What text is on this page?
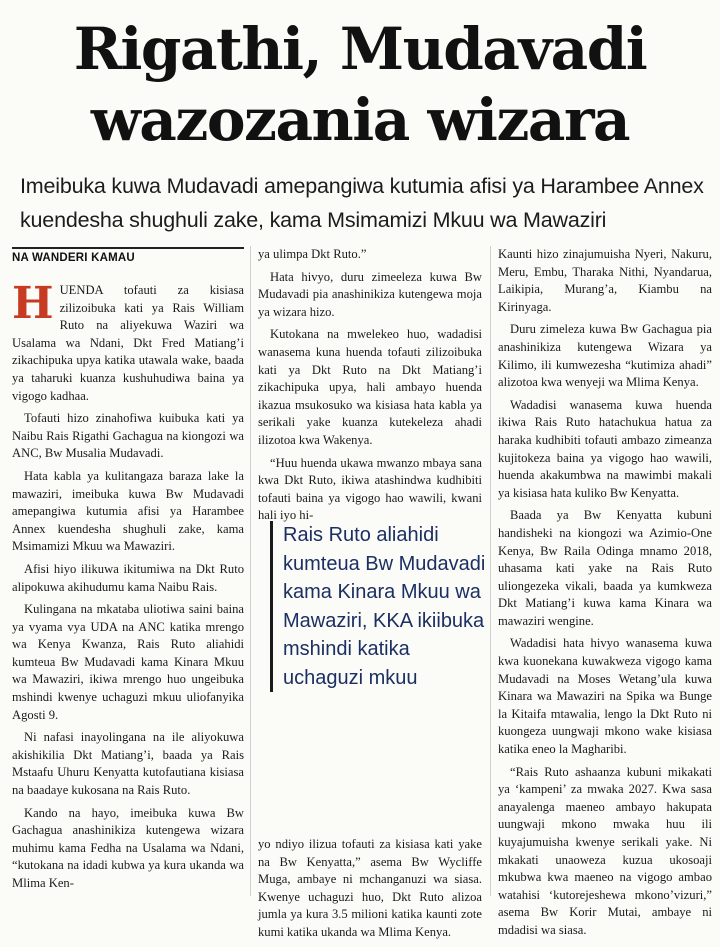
Rigathi, Mudavadi wazozania wizara

Imeibuka kuwa Mudavadi amepangiwa kutumia afisi ya Harambee Annex kuendesha shughuli zake, kama Msimamizi Mkuu wa Mawaziri

NA WANDERI KAMAU

HUENDA tofauti za kisiasa zilizoibuka kati ya Rais William Ruto na aliyekuwa Waziri wa Usalama wa Ndani, Dkt Fred Matiang’i zikachipuka upya katika utawala wake, baada ya taharuki kuanza kushuhudiwa baina ya vigogo kadhaa.

Tofauti hizo zinahofiwa kuibuka kati ya Naibu Rais Rigathi Gachagua na kiongozi wa ANC, Bw Musalia Mudavadi.

Hata kabla ya kulitangaza baraza lake la mawaziri, imeibuka kuwa Bw Mudavadi amepangiwa kutumia afisi ya Harambee Annex kuendesha shughuli zake, kama Msimamizi Mkuu wa Mawaziri.

Afisi hiyo ilikuwa ikitumiwa na Dkt Ruto alipokuwa akihudumu kama Naibu Rais.

Kulingana na mkataba uliotiwa saini baina ya vyama vya UDA na ANC katika mrengo wa Kenya Kwanza, Rais Ruto aliahidi kumteua Bw Mudavadi kama Kinara Mkuu wa Mawaziri, ikiwa mrengo huo ungeibuka mshindi kwenye uchaguzi mkuu uliofanyika Agosti 9.

Ni nafasi inayolingana na ile aliyokuwa akishikilia Dkt Matiang’i, baada ya Rais Mstaafu Uhuru Kenyatta kutofautiana kisiasa na baadaye kukosana na Rais Ruto.

Kando na hayo, imeibuka kuwa Bw Gachagua anashinikiza kutengewa wizara muhimu kama Fedha na Usalama wa Ndani, “kutokana na idadi kubwa ya kura ukanda wa Mlima Ken-

ya ulimpa Dkt Ruto.”

Hata hivyo, duru zimeeleza kuwa Bw Mudavadi pia anashinikiza kutengewa moja ya wizara hizo.

Kutokana na mwelekeo huo, wadadisi wanasema kuna huenda tofauti zilizoibuka kati ya Dkt Ruto na Dkt Matiang’i zikachipuka upya, hali ambayo huenda ikazua msukosuko wa kisiasa hata kabla ya serikali yake kuanza kutekeleza ahadi ilizotoa kwa Wakenya.

“Huu huenda ukawa mwanzo mbaya sana kwa Dkt Ruto, ikiwa atashindwa kudhibiti tofauti baina ya vigogo hao wawili, kwani hali iyo hi-

Rais Ruto aliahidi kumteua Bw Mudavadi kama Kinara Mkuu wa Mawaziri, KKA ikiibuka mshindi katika uchaguzi mkuu

yo ndiyo ilizua tofauti za kisiasa kati yake na Bw Kenyatta,” asema Bw Wycliffe Muga, ambaye ni mchanganuzi wa siasa. Kwenye uchaguzi huo, Dkt Ruto alizoa jumla ya kura 3.5 milioni katika kaunti zote kumi katika ukanda wa Mlima Kenya.

Kaunti hizo zinajumuisha Nyeri, Nakuru, Meru, Embu, Tharaka Nithi, Nyandarua, Laikipia, Murang’a, Kiambu na Kirinyaga.

Duru zimeleza kuwa Bw Gachagua pia anashinikiza kutengewa Wizara ya Kilimo, ili kumwezesha “kutimiza ahadi” alizotoa kwa wenyeji wa Mlima Kenya.

Wadadisi wanasema kuwa huenda ikiwa Rais Ruto hatachukua hatua za haraka kudhibiti tofauti ambazo zimeanza kujitokeza baina ya vigogo hao wawili, huenda akakumbwa na mawimbi makali ya kisiasa hata kuliko Bw Kenyatta.

Baada ya Bw Kenyatta kubuni handisheki na kiongozi wa Azimio-One Kenya, Bw Raila Odinga mnamo 2018, uhasama kati yake na Rais Ruto uliongezeka vikali, baada ya kumkweza Dkt Matiang’i kuwa kama Kinara wa mawaziri wengine.

Wadadisi hata hivyo wanasema kuwa kwa kuonekana kuwakweza vigogo kama Mudavadi na Moses Wetang’ula kuwa Kinara wa Mawaziri na Spika wa Bunge la Kitaifa mtawalia, lengo la Dkt Ruto ni kuongeza uungwaji mkono wake kisiasa katika eneo la Magharibi.

“Rais Ruto ashaanza kubuni mikakati ya ‘kampeni’ za mwaka 2027. Kwa sasa anayalenga maeneo ambayo hakupata uungwaji mkono mwaka huu ili kuyajumuisha kwenye serikali yake. Ni mkakati unaoweza kuzua ukosoaji mkubwa kwa maeneo na vigogo ambao watahisi ‘kutorejeshewa mkono’vizuri,” asema Bw Korir Mutai, ambaye ni mdadisi wa siasa.
